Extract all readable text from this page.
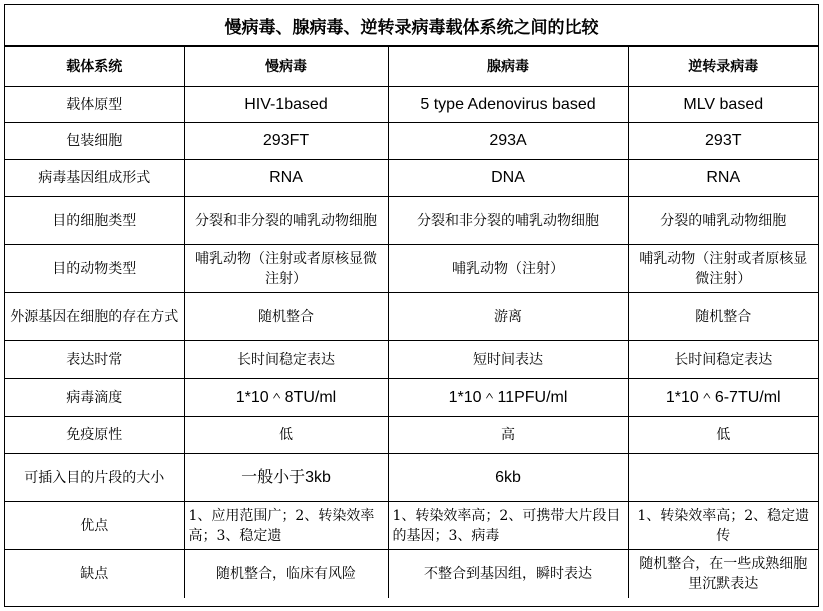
慢病毒、腺病毒、逆转录病毒载体系统之间的比较
载体系统	慢病毒	腺病毒	逆转录病毒
载体原型	HIV-1based	5 type Adenovirus based	MLV based
包装细胞	293FT	293A	293T
病毒基因组成形式	RNA	DNA	RNA
目的细胞类型	分裂和非分裂的哺乳动物细胞	分裂和非分裂的哺乳动物细胞	分裂的哺乳动物细胞
目的动物类型	哺乳动物（注射或者原核显微注射）	哺乳动物（注射）	哺乳动物（注射或者原核显微注射）
外源基因在细胞的存在方式	随机整合	游离	随机整合
表达时常	长时间稳定表达	短时间表达	长时间稳定表达
病毒滴度	1*10＾8TU/ml	1*10＾11PFU/ml	1*10＾6-7TU/ml
免疫原性	低	高	低
可插入目的片段的大小	一般小于3kb	6kb	
优点	1、应用范围广；2、转染效率高；3、稳定遗	1、转染效率高；2、可携带大片段目的基因；3、病毒	1、转染效率高；2、稳定遗传
缺点	随机整合，临床有风险	不整合到基因组，瞬时表达	随机整合，在一些成熟细胞里沉默表达
